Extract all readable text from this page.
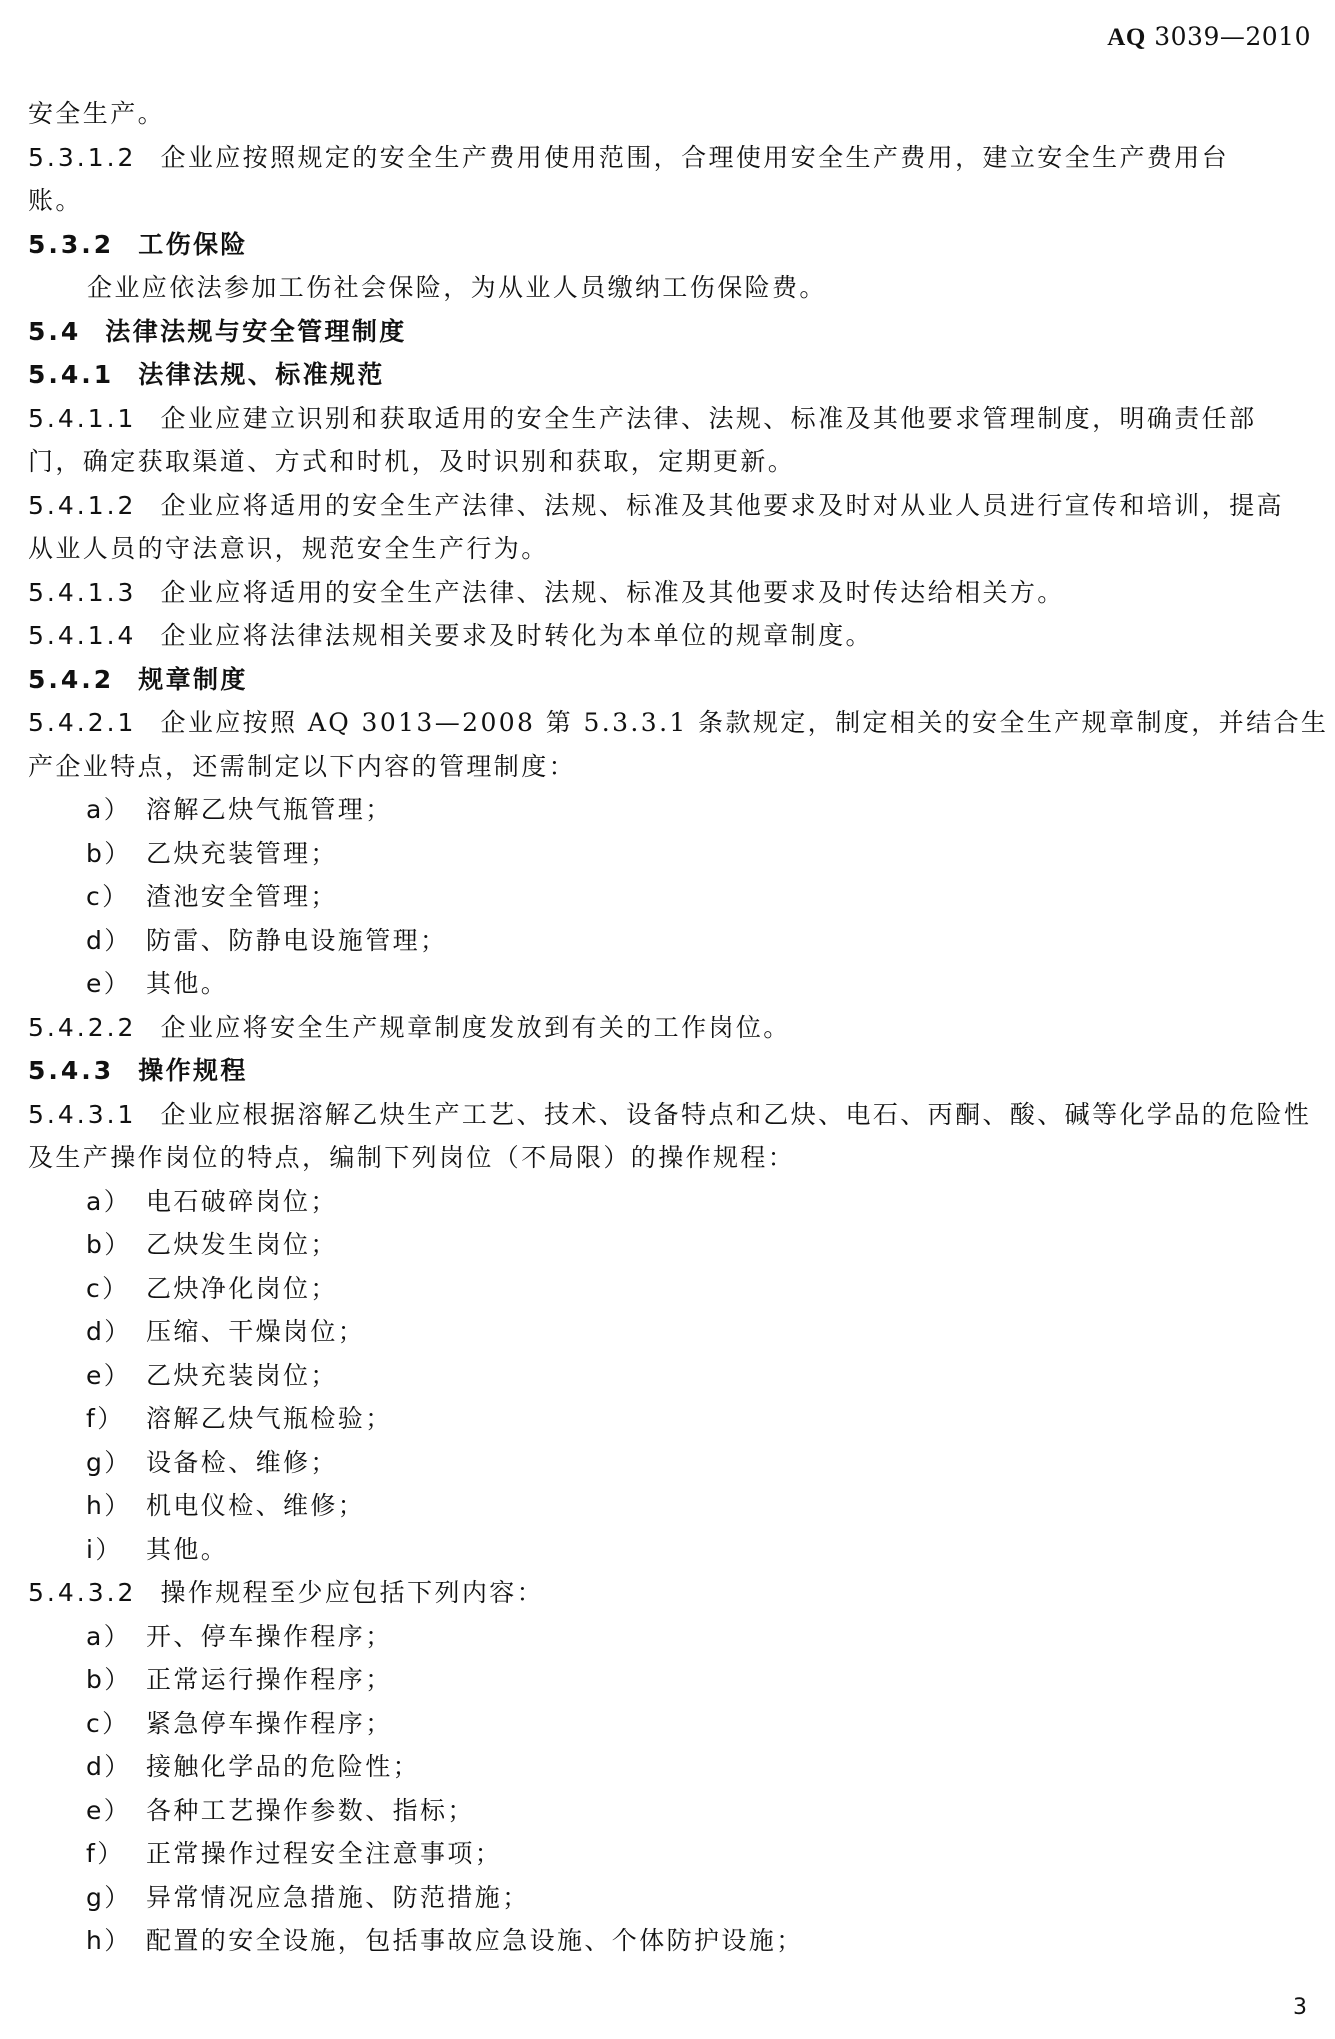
AQ 3039—2010
安全生产。
5.3.1.2 企业应按照规定的安全生产费用使用范围，合理使用安全生产费用，建立安全生产费用台
账。
5.3.2 工伤保险
企业应依法参加工伤社会保险，为从业人员缴纳工伤保险费。
5.4 法律法规与安全管理制度
5.4.1 法律法规、标准规范
5.4.1.1 企业应建立识别和获取适用的安全生产法律、法规、标准及其他要求管理制度，明确责任部
门，确定获取渠道、方式和时机，及时识别和获取，定期更新。
5.4.1.2 企业应将适用的安全生产法律、法规、标准及其他要求及时对从业人员进行宣传和培训，提高
从业人员的守法意识，规范安全生产行为。
5.4.1.3 企业应将适用的安全生产法律、法规、标准及其他要求及时传达给相关方。
5.4.1.4 企业应将法律法规相关要求及时转化为本单位的规章制度。
5.4.2 规章制度
5.4.2.1 企业应按照 AQ 3013—2008 第 5.3.3.1 条款规定，制定相关的安全生产规章制度，并结合生
产企业特点，还需制定以下内容的管理制度：
a） 溶解乙炔气瓶管理；
b） 乙炔充装管理；
c） 渣池安全管理；
d） 防雷、防静电设施管理；
e） 其他。
5.4.2.2 企业应将安全生产规章制度发放到有关的工作岗位。
5.4.3 操作规程
5.4.3.1 企业应根据溶解乙炔生产工艺、技术、设备特点和乙炔、电石、丙酮、酸、碱等化学品的危险性
及生产操作岗位的特点，编制下列岗位（不局限）的操作规程：
a） 电石破碎岗位；
b） 乙炔发生岗位；
c） 乙炔净化岗位；
d） 压缩、干燥岗位；
e） 乙炔充装岗位；
f） 溶解乙炔气瓶检验；
g） 设备检、维修；
h） 机电仪检、维修；
i） 其他。
5.4.3.2 操作规程至少应包括下列内容：
a） 开、停车操作程序；
b） 正常运行操作程序；
c） 紧急停车操作程序；
d） 接触化学品的危险性；
e） 各种工艺操作参数、指标；
f） 正常操作过程安全注意事项；
g） 异常情况应急措施、防范措施；
h） 配置的安全设施，包括事故应急设施、个体防护设施；
3
